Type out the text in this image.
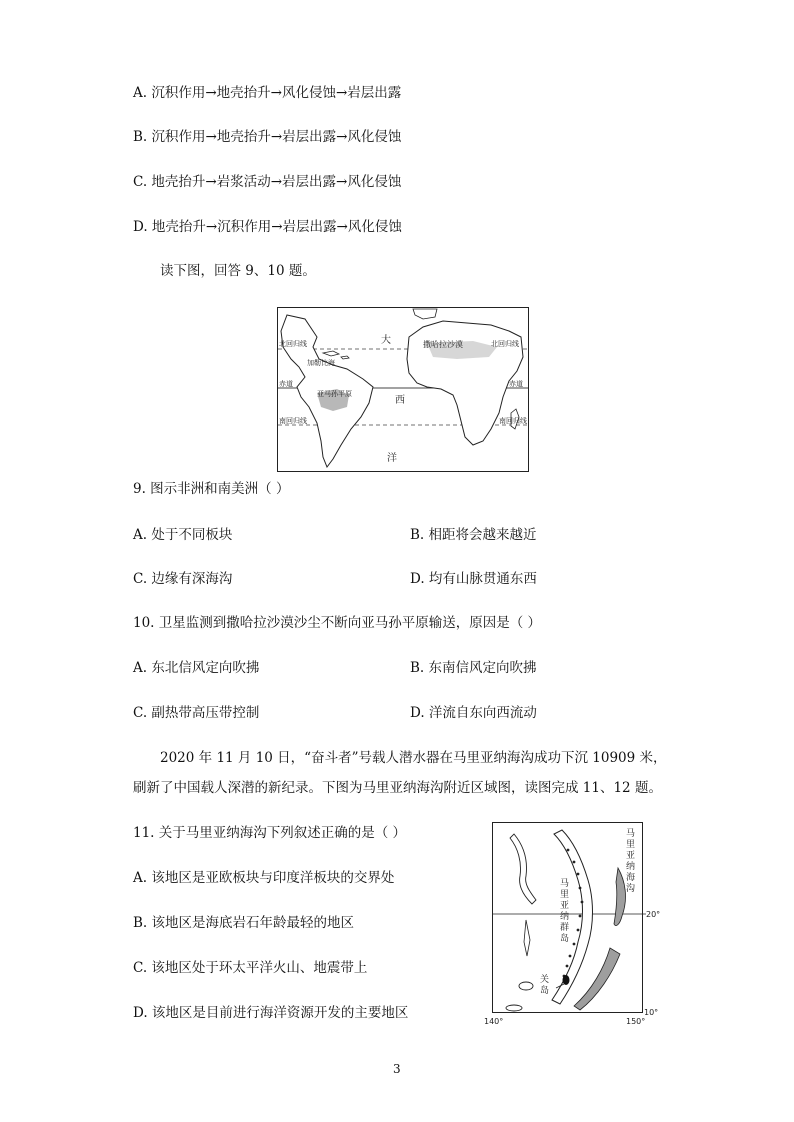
A. 沉积作用→地壳抬升→风化侵蚀→岩层出露
B. 沉积作用→地壳抬升→岩层出露→风化侵蚀
C. 地壳抬升→岩浆活动→岩层出露→风化侵蚀
D. 地壳抬升→沉积作用→岩层出露→风化侵蚀
读下图，回答 9、10 题。
北回归线	北回归线
赤道	赤道
南回归线	南回归线
加勒比海
撒哈拉沙漠
亚马孙平原
大
西
洋
9. 图示非洲和南美洲（ ）
A. 处于不同板块	B. 相距将会越来越近
C. 边缘有深海沟	D. 均有山脉贯通东西
10. 卫星监测到撒哈拉沙漠沙尘不断向亚马孙平原输送，原因是（ ）
A. 东北信风定向吹拂	B. 东南信风定向吹拂
C. 副热带高压带控制	D. 洋流自东向西流动
2020 年 11 月 10 日，“奋斗者”号载人潜水器在马里亚纳海沟成功下沉 10909 米，
刷新了中国载人深潜的新纪录。下图为马里亚纳海沟附近区域图，读图完成 11、12 题。
11. 关于马里亚纳海沟下列叙述正确的是（ ）
A. 该地区是亚欧板块与印度洋板块的交界处
B. 该地区是海底岩石年龄最轻的地区
C. 该地区处于环太平洋火山、地震带上
D. 该地区是目前进行海洋资源开发的主要地区
马
里
亚
纳
海
沟
马
里
亚
纳
群
岛
关
岛
20°
10°
140°	150°
3
